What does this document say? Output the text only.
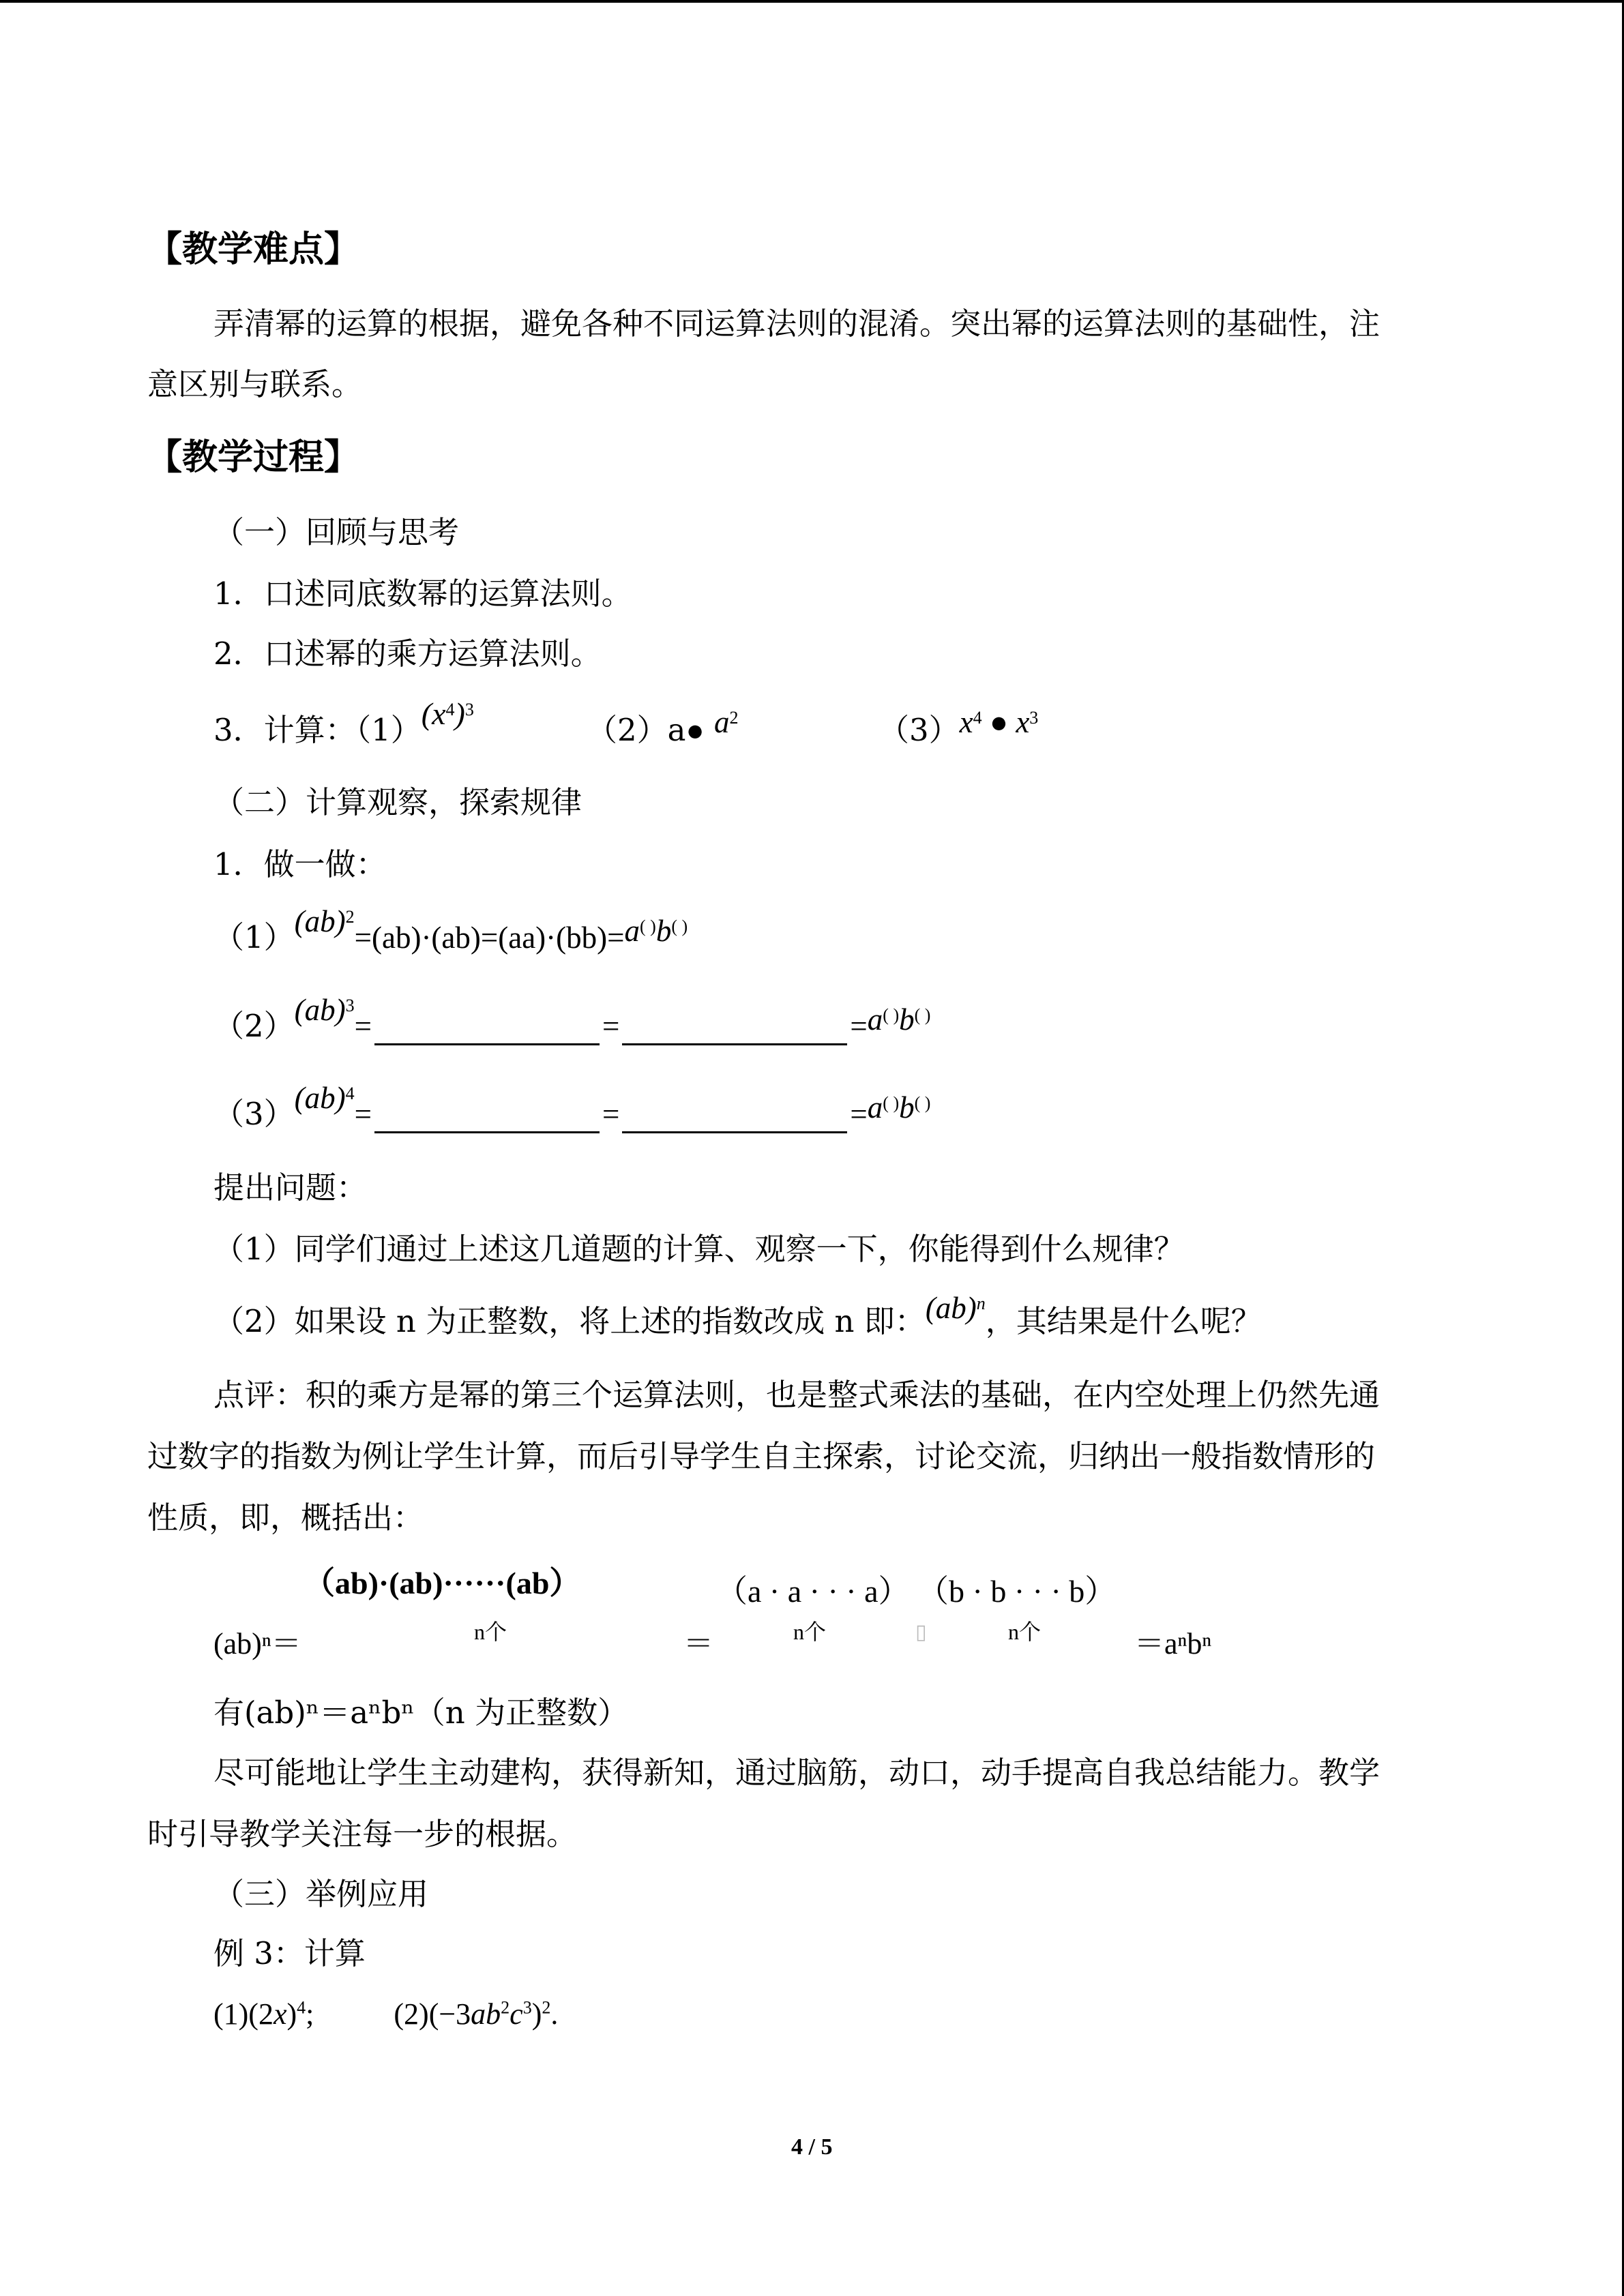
【教学难点】
弄清幂的运算的根据，避免各种不同运算法则的混淆。突出幂的运算法则的基础性，注
意区别与联系。
【教学过程】
（一）回顾与思考
1．口述同底数幂的运算法则。
2．口述幂的乘方运算法则。
3．计算：$(1)(x^4)^3$
（2）a● $a^2$	$(3)x^4$ ● $x^3$
（二）计算观察，探索规律
1．做一做：
（1）(ab)$^2$=(ab)·(ab)=(aa)·(bb)=a( )b( )
（2）(ab)$^3$=	=	=a( )b( )
（3）(ab)$^4$=	=	=a( )b( )
提出问题：
（1）同学们通过上述这几道题的计算、观察一下，你能得到什么规律？
（2）如果设 n 为正整数，将上述的指数改成 n 即：(ab)$^n$，其结果是什么呢？
点评：积的乘方是幂的第三个运算法则，也是整式乘法的基础，在内空处理上仍然先通
过数字的指数为例让学生计算，而后引导学生自主探索，讨论交流，归纳出一般指数情形的
性质，即，概括出：
（ab)·(ab)······(ab）	（a · a · · · a） （b · b · · · b）
(ab)ⁿ＝	n个	＝	n个	▯	n个	＝aⁿbⁿ
有(ab)ⁿ＝aⁿbⁿ（n 为正整数）
尽可能地让学生主动建构，获得新知，通过脑筋，动口，动手提高自我总结能力。教学
时引导教学关注每一步的根据。
（三）举例应用
例 3：计算
$(1)(2x)^4$;	$(2)(-3ab^2c^3)^2$.
4 / 5
